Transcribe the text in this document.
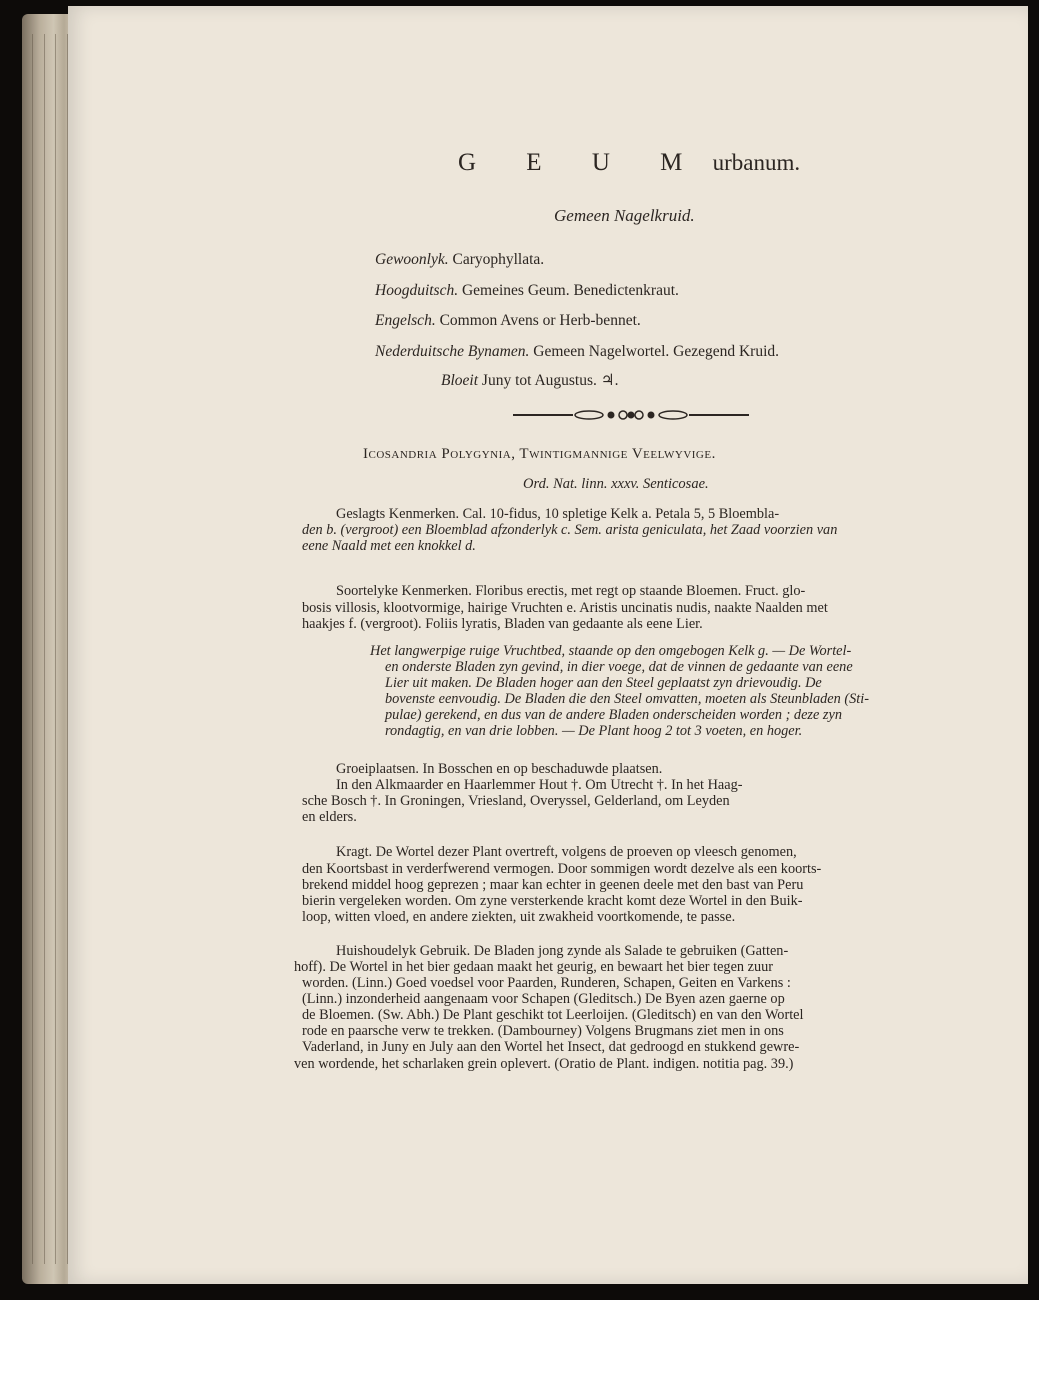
G E U M urbanum.
Gemeen Nagelkruid.
Gewoonlyk. Caryophyllata.
Hoogduitsch. Gemeines Geum. Benedictenkraut.
Engelsch. Common Avens or Herb-bennet.
Nederduitsche Bynamen. Gemeen Nagelwortel. Gezegend Kruid.
Bloeit Juny tot Augustus. ♃.
Icosandria Polygynia, Twintigmannige Veelwyvige.
Ord. Nat. linn. xxxv. Senticosae.
Geslagts Kenmerken. Cal. 10-fidus, 10 spletige Kelk a. Petala 5, 5 Bloembla-
den b. (vergroot) een Bloemblad afzonderlyk c. Sem. arista geniculata, het Zaad voorzien van
eene Naald met een knokkel d.
Soortelyke Kenmerken. Floribus erectis, met regt op staande Bloemen. Fruct. glo-
bosis villosis, klootvormige, hairige Vruchten e. Aristis uncinatis nudis, naakte Naalden met
haakjes f. (vergroot). Foliis lyratis, Bladen van gedaante als eene Lier.
Het langwerpige ruige Vruchtbed, staande op den omgebogen Kelk g. — De Wortel-
en onderste Bladen zyn gevind, in dier voege, dat de vinnen de gedaante van eene
Lier uit maken. De Bladen hoger aan den Steel geplaatst zyn drievoudig. De
bovenste eenvoudig. De Bladen die den Steel omvatten, moeten als Steunbladen (Sti-
pulae) gerekend, en dus van de andere Bladen onderscheiden worden ; deze zyn
rondagtig, en van drie lobben. — De Plant hoog 2 tot 3 voeten, en hoger.
Groeiplaatsen. In Bosschen en op beschaduwde plaatsen.
In den Alkmaarder en Haarlemmer Hout †. Om Utrecht †. In het Haag-
sche Bosch †. In Groningen, Vriesland, Overyssel, Gelderland, om Leyden
en elders.
Kragt. De Wortel dezer Plant overtreft, volgens de proeven op vleesch genomen,
den Koortsbast in verderfwerend vermogen. Door sommigen wordt dezelve als een koorts-
brekend middel hoog geprezen ; maar kan echter in geenen deele met den bast van Peru
bierin vergeleken worden. Om zyne versterkende kracht komt deze Wortel in den Buik-
loop, witten vloed, en andere ziekten, uit zwakheid voortkomende, te passe.
Huishoudelyk Gebruik. De Bladen jong zynde als Salade te gebruiken (Gatten-
hoff). De Wortel in het bier gedaan maakt het geurig, en bewaart het bier tegen zuur
worden. (Linn.) Goed voedsel voor Paarden, Runderen, Schapen, Geiten en Varkens :
(Linn.) inzonderheid aangenaam voor Schapen (Gleditsch.) De Byen azen gaerne op
de Bloemen. (Sw. Abh.) De Plant geschikt tot Leerloijen. (Gleditsch) en van den Wortel
rode en paarsche verw te trekken. (Dambourney) Volgens Brugmans ziet men in ons
Vaderland, in Juny en July aan den Wortel het Insect, dat gedroogd en stukkend gewre-
ven wordende, het scharlaken grein oplevert. (Oratio de Plant. indigen. notitia pag. 39.)
